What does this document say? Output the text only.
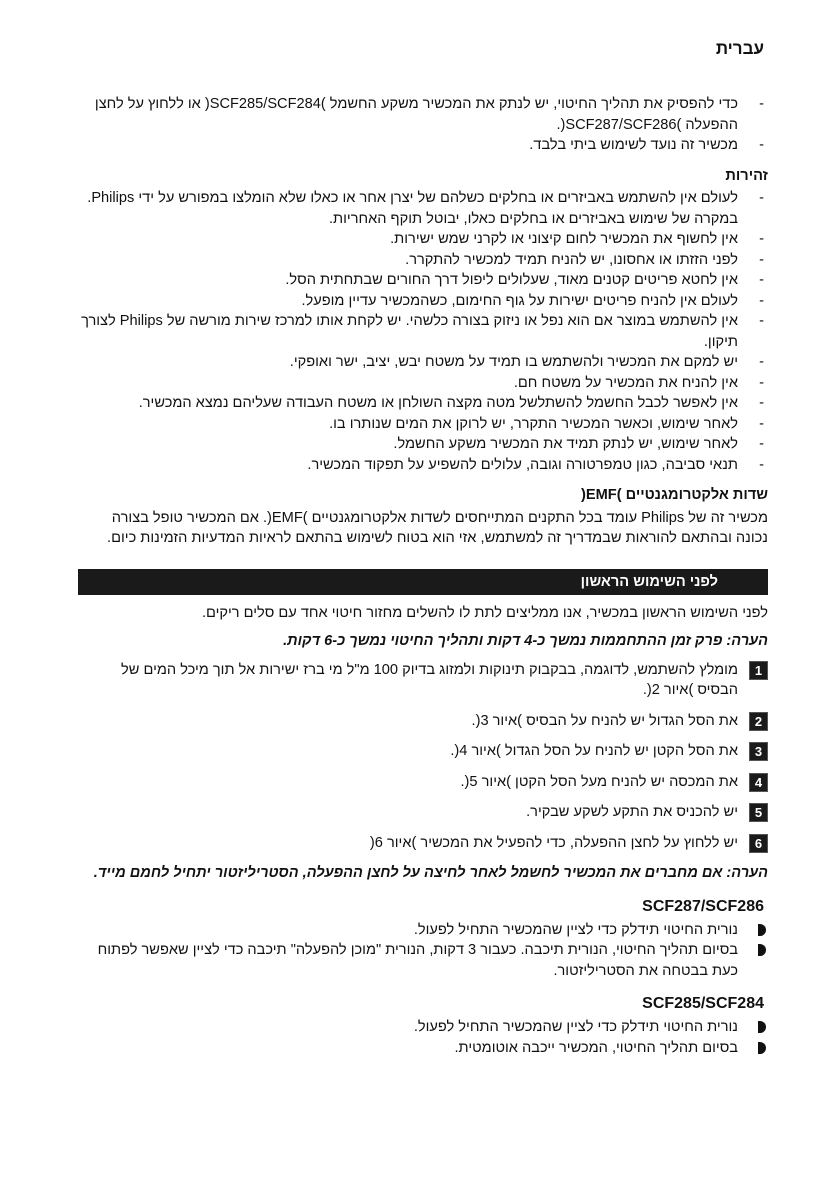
עברית
- כדי להפסיק את תהליך החיטוי, יש לנתק את המכשיר משקע החשמל )SCF285/SCF284( או ללחוץ על לחצן ההפעלה )SCF287/SCF286(.
- מכשיר זה נועד לשימוש ביתי בלבד.
זהירות
- לעולם אין להשתמש באביזרים או בחלקים כשלהם של יצרן אחר או כאלו שלא הומלצו במפורש על ידי Philips. במקרה של שימוש באביזרים או בחלקים כאלו, יבוטל תוקף האחריות.
- אין לחשוף את המכשיר לחום קיצוני או לקרני שמש ישירות.
- לפני הזזתו או אחסונו, יש להניח תמיד למכשיר להתקרר.
- אין לחטא פריטים קטנים מאוד, שעלולים ליפול דרך החורים שבתחתית הסל.
- לעולם אין להניח פריטים ישירות על גוף החימום, כשהמכשיר עדיין מופעל.
- אין להשתמש במוצר אם הוא נפל או ניזוק בצורה כלשהי. יש לקחת אותו למרכז שירות מורשה של Philips לצורך תיקון.
- יש למקם את המכשיר ולהשתמש בו תמיד על משטח יבש, יציב, ישר ואופקי.
- אין להניח את המכשיר על משטח חם.
- אין לאפשר לכבל החשמל להשתלשל מטה מקצה השולחן או משטח העבודה שעליהם נמצא המכשיר.
- לאחר שימוש, וכאשר המכשיר התקרר, יש לרוקן את המים שנותרו בו.
- לאחר שימוש, יש לנתק תמיד את המכשיר משקע החשמל.
- תנאי סביבה, כגון טמפרטורה וגובה, עלולים להשפיע על תפקוד המכשיר.
שדות אלקטרומגנטיים )EMF(

מכשיר זה של Philips עומד בכל התקנים המתייחסים לשדות אלקטרומגנטיים )EMF(. אם המכשיר טופל בצורה נכונה ובהתאם להוראות שבמדריך זה למשתמש, אזי הוא בטוח לשימוש בהתאם לראיות המדעיות הזמינות כיום.

לפני השימוש הראשון

לפני השימוש הראשון במכשיר, אנו ממליצים לתת לו להשלים מחזור חיטוי אחד עם סלים ריקים.

הערה: פרק זמן ההתחממות נמשך כ-4 דקות ותהליך החיטוי נמשך כ-6 דקות.

1
מומלץ להשתמש, לדוגמה, בבקבוק תינוקות ולמזוג בדיוק 100 מ"ל מי ברז ישירות אל תוך מיכל המים של הבסיס )איור 2(.
2
את הסל הגדול יש להניח על הבסיס )איור 3(.
3
את הסל הקטן יש להניח על הסל הגדול )איור 4(.
4
את המכסה יש להניח מעל הסל הקטן )איור 5(.
5
יש להכניס את התקע לשקע שבקיר.
6
יש ללחוץ על לחצן ההפעלה, כדי להפעיל את המכשיר )איור 6(

הערה: אם מחברים את המכשיר לחשמל לאחר לחיצה על לחצן ההפעלה, הסטריליזטור יתחיל לחמם מייד.

SCF287/SCF286
נורית החיטוי תידלק כדי לציין שהמכשיר התחיל לפעול.
בסיום תהליך החיטוי, הנורית תיכבה. כעבור 3 דקות, הנורית "מוכן להפעלה" תיכבה כדי לציין שאפשר לפתוח כעת בבטחה את הסטריליזטור.
SCF285/SCF284
נורית החיטוי תידלק כדי לציין שהמכשיר התחיל לפעול.
בסיום תהליך החיטוי, המכשיר ייכבה אוטומטית.
